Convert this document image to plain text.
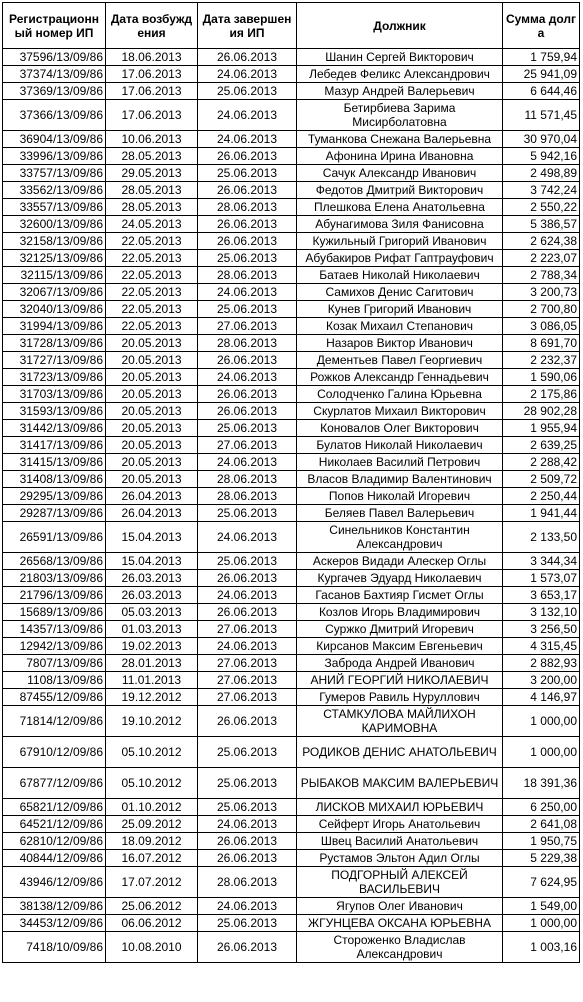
Регистрационный номер ИП	Дата возбуждения	Дата завершения ИП	Должник	Сумма долга
37596/13/09/86	18.06.2013	26.06.2013	Шанин Сергей Викторович	1 759,94
37374/13/09/86	17.06.2013	24.06.2013	Лебедев Феликс Александрович	25 941,09
37369/13/09/86	17.06.2013	25.06.2013	Мазур Андрей Валерьевич	6 644,46
37366/13/09/86	17.06.2013	24.06.2013	Бетирбиева Зарима Мисирболатовна	11 571,45
36904/13/09/86	10.06.2013	24.06.2013	Туманкова Снежана Валерьевна	30 970,04
33996/13/09/86	28.05.2013	26.06.2013	Афонина Ирина Ивановна	5 942,16
33757/13/09/86	29.05.2013	25.06.2013	Сачук Александр Иванович	2 498,89
33562/13/09/86	28.05.2013	26.06.2013	Федотов Дмитрий Викторович	3 742,24
33557/13/09/86	28.05.2013	28.06.2013	Плешкова Елена Анатольевна	2 550,22
32600/13/09/86	24.05.2013	26.06.2013	Абунагимова Зиля Фанисовна	5 386,57
32158/13/09/86	22.05.2013	26.06.2013	Кужильный Григорий Иванович	2 624,38
32125/13/09/86	22.05.2013	25.06.2013	Абубакиров Рифат Гаптрауфович	2 223,07
32115/13/09/86	22.05.2013	28.06.2013	Батаев Николай Николаевич	2 788,34
32067/13/09/86	22.05.2013	24.06.2013	Самихов Денис Сагитович	3 200,73
32040/13/09/86	22.05.2013	25.06.2013	Кунев Григорий Иванович	2 700,80
31994/13/09/86	22.05.2013	27.06.2013	Козак Михаил Степанович	3 086,05
31728/13/09/86	20.05.2013	28.06.2013	Назаров Виктор Иванович	8 691,70
31727/13/09/86	20.05.2013	26.06.2013	Дементьев Павел Георгиевич	2 232,37
31723/13/09/86	20.05.2013	24.06.2013	Рожков Александр Геннадьевич	1 590,06
31703/13/09/86	20.05.2013	26.06.2013	Солодченко Галина Юрьевна	2 175,86
31593/13/09/86	20.05.2013	26.06.2013	Скурлатов Михаил Викторович	28 902,28
31442/13/09/86	20.05.2013	25.06.2013	Коновалов Олег Викторович	1 955,94
31417/13/09/86	20.05.2013	27.06.2013	Булатов Николай Николаевич	2 639,25
31415/13/09/86	20.05.2013	24.06.2013	Николаев Василий Петрович	2 288,42
31408/13/09/86	20.05.2013	28.06.2013	Власов Владимир Валентинович	2 509,72
29295/13/09/86	26.04.2013	28.06.2013	Попов Николай Игоревич	2 250,44
29287/13/09/86	26.04.2013	25.06.2013	Беляев Павел Валерьевич	1 941,44
26591/13/09/86	15.04.2013	24.06.2013	Синельников Константин Александрович	2 133,50
26568/13/09/86	15.04.2013	25.06.2013	Аскеров Видади Алескер Оглы	3 344,34
21803/13/09/86	26.03.2013	26.06.2013	Кургачев Эдуард Николаевич	1 573,07
21796/13/09/86	26.03.2013	24.06.2013	Гасанов Бахтияр Гисмет Оглы	3 653,17
15689/13/09/86	05.03.2013	26.06.2013	Козлов Игорь Владимирович	3 132,10
14357/13/09/86	01.03.2013	27.06.2013	Суржко Дмитрий Игоревич	3 256,50
12942/13/09/86	19.02.2013	24.06.2013	Кирсанов Максим Евгеньевич	4 315,45
7807/13/09/86	28.01.2013	27.06.2013	Заброда Андрей Иванович	2 882,93
1108/13/09/86	11.01.2013	27.06.2013	АНИЙ ГЕОРГИЙ НИКОЛАЕВИЧ	3 200,00
87455/12/09/86	19.12.2012	27.06.2013	Гумеров Равиль Нуруллович	4 146,97
71814/12/09/86	19.10.2012	26.06.2013	СТАМКУЛОВА МАЙЛИХОН КАРИМОВНА	1 000,00
67910/12/09/86	05.10.2012	25.06.2013	РОДИКОВ ДЕНИС АНАТОЛЬЕВИЧ	1 000,00
67877/12/09/86	05.10.2012	25.06.2013	РЫБАКОВ МАКСИМ ВАЛЕРЬЕВИЧ	18 391,36
65821/12/09/86	01.10.2012	25.06.2013	ЛИСКОВ МИХАИЛ ЮРЬЕВИЧ	6 250,00
64521/12/09/86	25.09.2012	24.06.2013	Сейферт Игорь Анатольевич	2 641,08
62810/12/09/86	18.09.2012	26.06.2013	Швец Василий Анатольевич	1 950,75
40844/12/09/86	16.07.2012	26.06.2013	Рустамов Эльтон Адил Оглы	5 229,38
43946/12/09/86	17.07.2012	28.06.2013	ПОДГОРНЫЙ АЛЕКСЕЙ ВАСИЛЬЕВИЧ	7 624,95
38138/12/09/86	25.06.2012	24.06.2013	Ягупов Олег Иванович	1 549,00
34453/12/09/86	06.06.2012	25.06.2013	ЖГУНЦЕВА ОКСАНА ЮРЬЕВНА	1 000,00
7418/10/09/86	10.08.2010	26.06.2013	Стороженко Владислав Александрович	1 003,16
